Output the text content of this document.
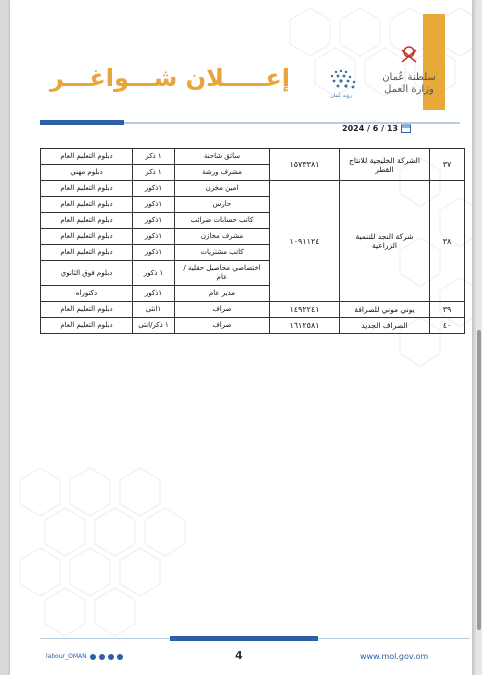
سلطنة عُمان
وزارة العمل
رؤية عُمان
إعـــــلان شـــواغـــر
2024 / 6 / 13
٣٧	الشركة الخليجية للانتاج القطر	١٥٧٣٣٨١	سائق شاحنة	١ ذكر	دبلوم التعليم العام
			مشرف ورشة	١ ذكر	دبلوم مهني
٣٨	شركة النجد للتنمية الزراعية	١٠٩١١٢٤	امين مخزن	١ذكور	دبلوم التعليم العام
			حارس	١ذكور	دبلوم التعليم العام
			كاتب حسابات ضرائب	١ذكور	دبلوم التعليم العام
			مشرف مخازن	١ذكور	دبلوم التعليم العام
			كاتب مشتريات	١ذكور	دبلوم التعليم العام
			اختصاصي محاصيل حقلية / عام	١ ذكور	دبلوم فوق الثانوي
			مدير عام	١ذكور	دكتوراه
٣٩	يوني موني للصرافة	١٤٩٢٢٤١	صراف	١انثى	دبلوم التعليم العام
٤٠	الصراف الجديد	١٦١٢٥٨١	صراف	١ ذكر/انثى	دبلوم التعليم العام
labour_OMAN	4	www.mol.gov.om
